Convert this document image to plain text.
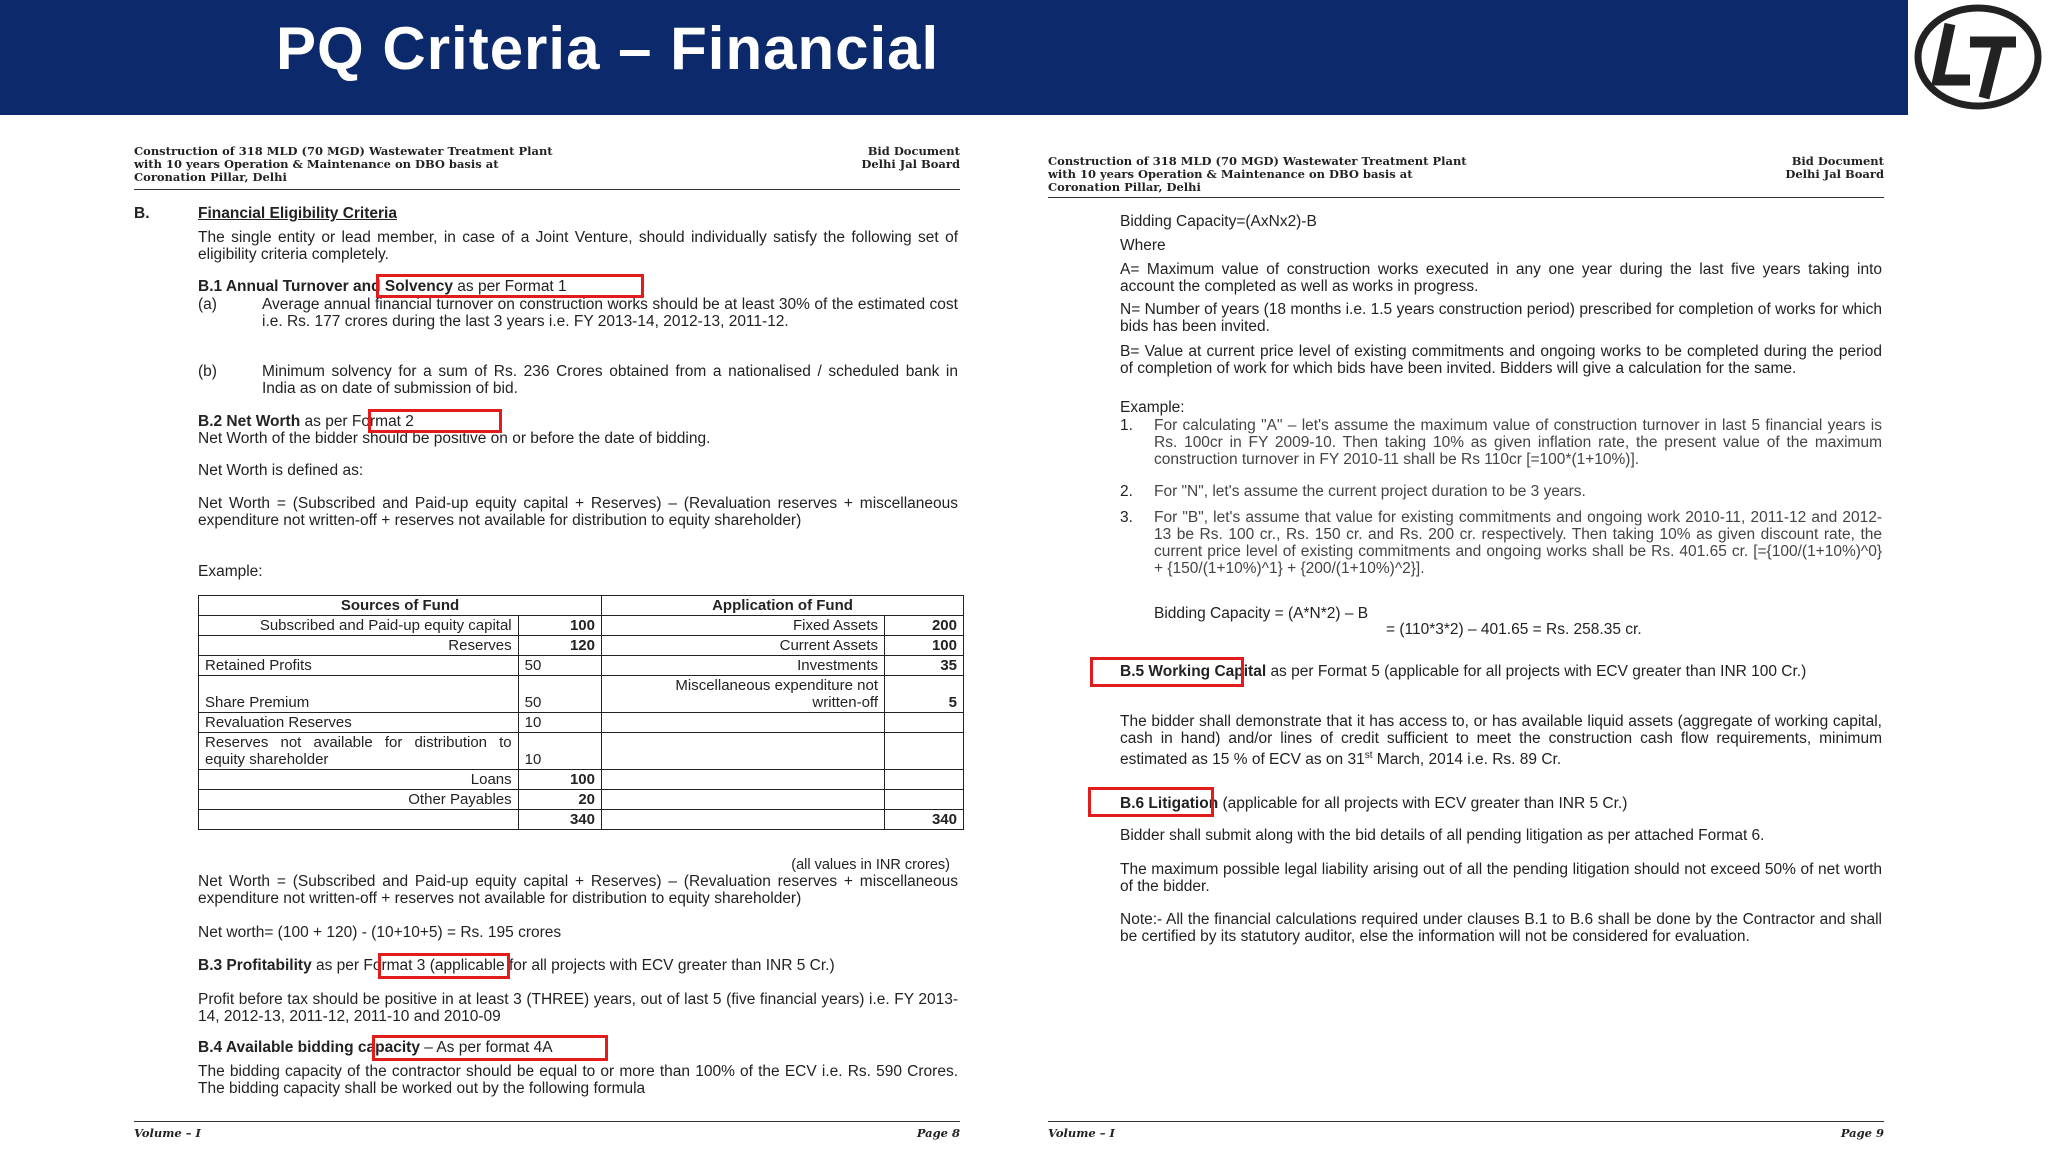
PQ Criteria – Financial
Construction of 318 MLD (70 MGD) Wastewater Treatment Plant with 10 years Operation & Maintenance on DBO basis at Coronation Pillar, Delhi
Bid Document
Delhi Jal Board
B.	Financial Eligibility Criteria
The single entity or lead member, in case of a Joint Venture, should individually satisfy the following set of eligibility criteria completely.
B.1 Annual Turnover and Solvency as per Format 1
(a)	Average annual financial turnover on construction works should be at least 30% of the estimated cost i.e. Rs. 177 crores during the last 3 years i.e. FY 2013-14, 2012-13, 2011-12.
(b)	Minimum solvency for a sum of Rs. 236 Crores obtained from a nationalised / scheduled bank in India as on date of submission of bid.
B.2 Net Worth as per Format 2
Net Worth of the bidder should be positive on or before the date of bidding.
Net Worth is defined as:
Net Worth = (Subscribed and Paid-up equity capital + Reserves) – (Revaluation reserves + miscellaneous expenditure not written-off + reserves not available for distribution to equity shareholder)
Example:
Sources of Fund		Application of Fund	
Subscribed and Paid-up equity capital	100	Fixed Assets	200
Reserves	120	Current Assets	100
Retained Profits	50	Investments	35
Share Premium	50	Miscellaneous expenditure not written-off	5
Revaluation Reserves	10		
Reserves not available for distribution to equity shareholder	10		
Loans	100		
Other Payables	20		
	340		340
(all values in INR crores)
Net Worth = (Subscribed and Paid-up equity capital + Reserves) – (Revaluation reserves + miscellaneous expenditure not written-off + reserves not available for distribution to equity shareholder)
Net worth= (100 + 120) - (10+10+5) = Rs. 195 crores
B.3 Profitability as per Format 3 (applicable for all projects with ECV greater than INR 5 Cr.)
Profit before tax should be positive in at least 3 (THREE) years, out of last 5 (five financial years) i.e. FY 2013-14, 2012-13, 2011-12, 2011-10 and 2010-09
B.4 Available bidding capacity – As per format 4A
The bidding capacity of the contractor should be equal to or more than 100% of the ECV i.e. Rs. 590 Crores. The bidding capacity shall be worked out by the following formula
Volume – I	Page 8
Construction of 318 MLD (70 MGD) Wastewater Treatment Plant with 10 years Operation & Maintenance on DBO basis at Coronation Pillar, Delhi
Bid Document
Delhi Jal Board
Bidding Capacity=(AxNx2)-B
Where
A= Maximum value of construction works executed in any one year during the last five years taking into account the completed as well as works in progress.
N= Number of years (18 months i.e. 1.5 years construction period) prescribed for completion of works for which bids has been invited.
B= Value at current price level of existing commitments and ongoing works to be completed during the period of completion of work for which bids have been invited. Bidders will give a calculation for the same.
Example:
1. For calculating "A" – let's assume the maximum value of construction turnover in last 5 financial years is Rs. 100cr in FY 2009-10. Then taking 10% as given inflation rate, the present value of the maximum construction turnover in FY 2010-11 shall be Rs 110cr [=100*(1+10%)].
2. For "N", let's assume the current project duration to be 3 years.
3. For "B", let's assume that value for existing commitments and ongoing work 2010-11, 2011-12 and 2012-13 be Rs. 100 cr., Rs. 150 cr. and Rs. 200 cr. respectively. Then taking 10% as given discount rate, the current price level of existing commitments and ongoing works shall be Rs. 401.65 cr. [={100/(1+10%)^0} + {150/(1+10%)^1} + {200/(1+10%)^2}].
Bidding Capacity = (A*N*2) – B
= (110*3*2) – 401.65 = Rs. 258.35 cr.
B.5 Working Capital as per Format 5 (applicable for all projects with ECV greater than INR 100 Cr.)
The bidder shall demonstrate that it has access to, or has available liquid assets (aggregate of working capital, cash in hand) and/or lines of credit sufficient to meet the construction cash flow requirements, minimum estimated as 15 % of ECV as on 31st March, 2014 i.e. Rs. 89 Cr.
B.6 Litigation (applicable for all projects with ECV greater than INR 5 Cr.)
Bidder shall submit along with the bid details of all pending litigation as per attached Format 6.
The maximum possible legal liability arising out of all the pending litigation should not exceed 50% of net worth of the bidder.
Note:- All the financial calculations required under clauses B.1 to B.6 shall be done by the Contractor and shall be certified by its statutory auditor, else the information will not be considered for evaluation.
Volume – I	Page 9
